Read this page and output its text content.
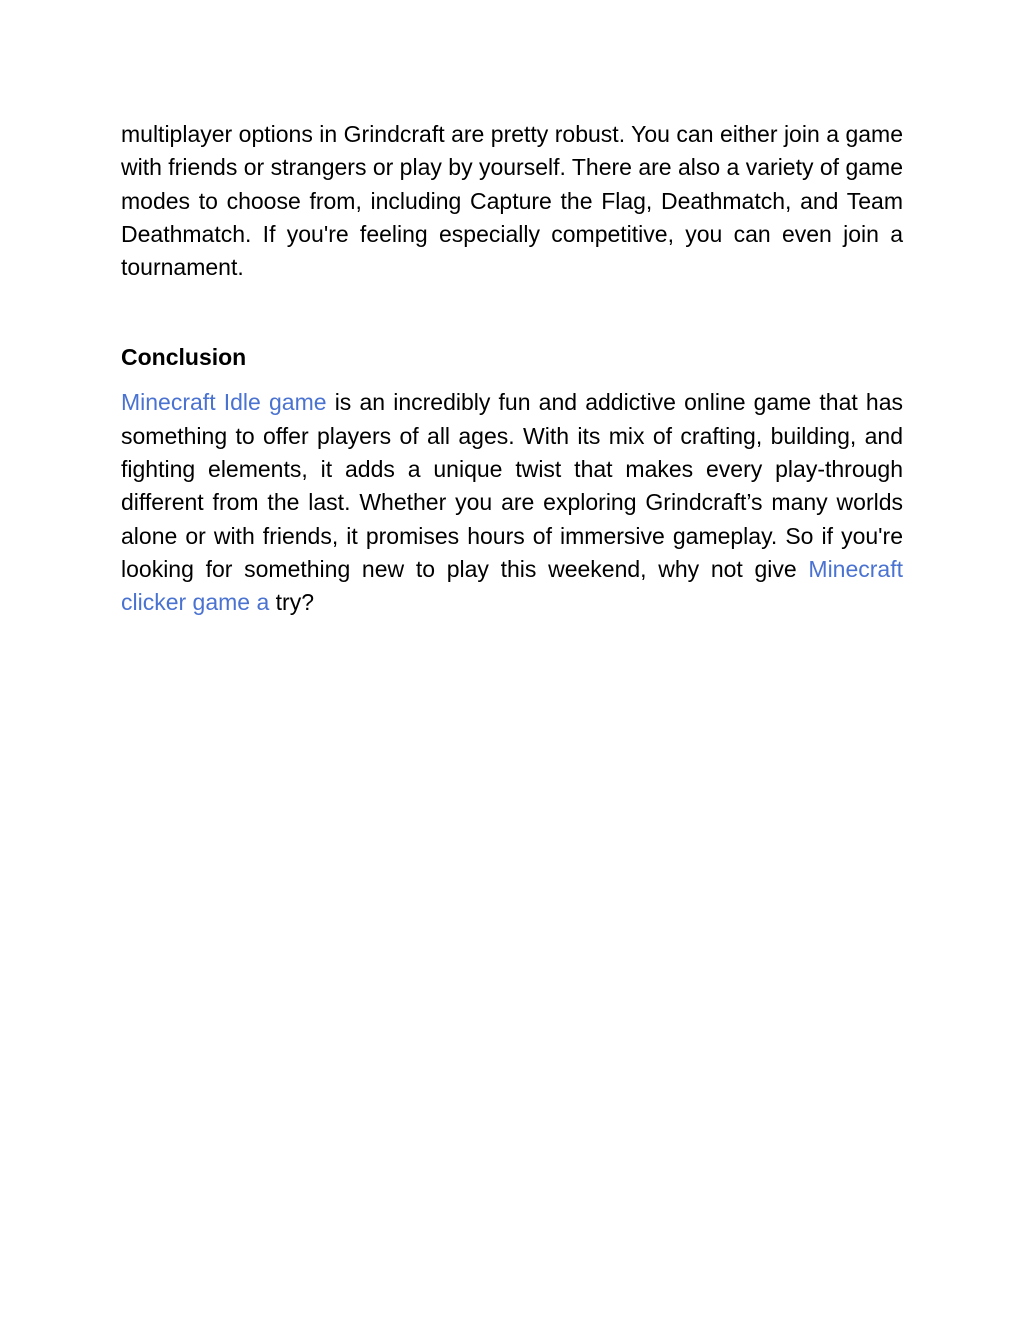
multiplayer options in Grindcraft are pretty robust. You can either join a game with friends or strangers or play by yourself. There are also a variety of game modes to choose from, including Capture the Flag, Deathmatch, and Team Deathmatch. If you're feeling especially competitive, you can even join a tournament.

Conclusion

Minecraft Idle game is an incredibly fun and addictive online game that has something to offer players of all ages. With its mix of crafting, building, and fighting elements, it adds a unique twist that makes every play-through different from the last. Whether you are exploring Grindcraft’s many worlds alone or with friends, it promises hours of immersive gameplay. So if you're looking for something new to play this weekend, why not give Minecraft clicker game a try?
